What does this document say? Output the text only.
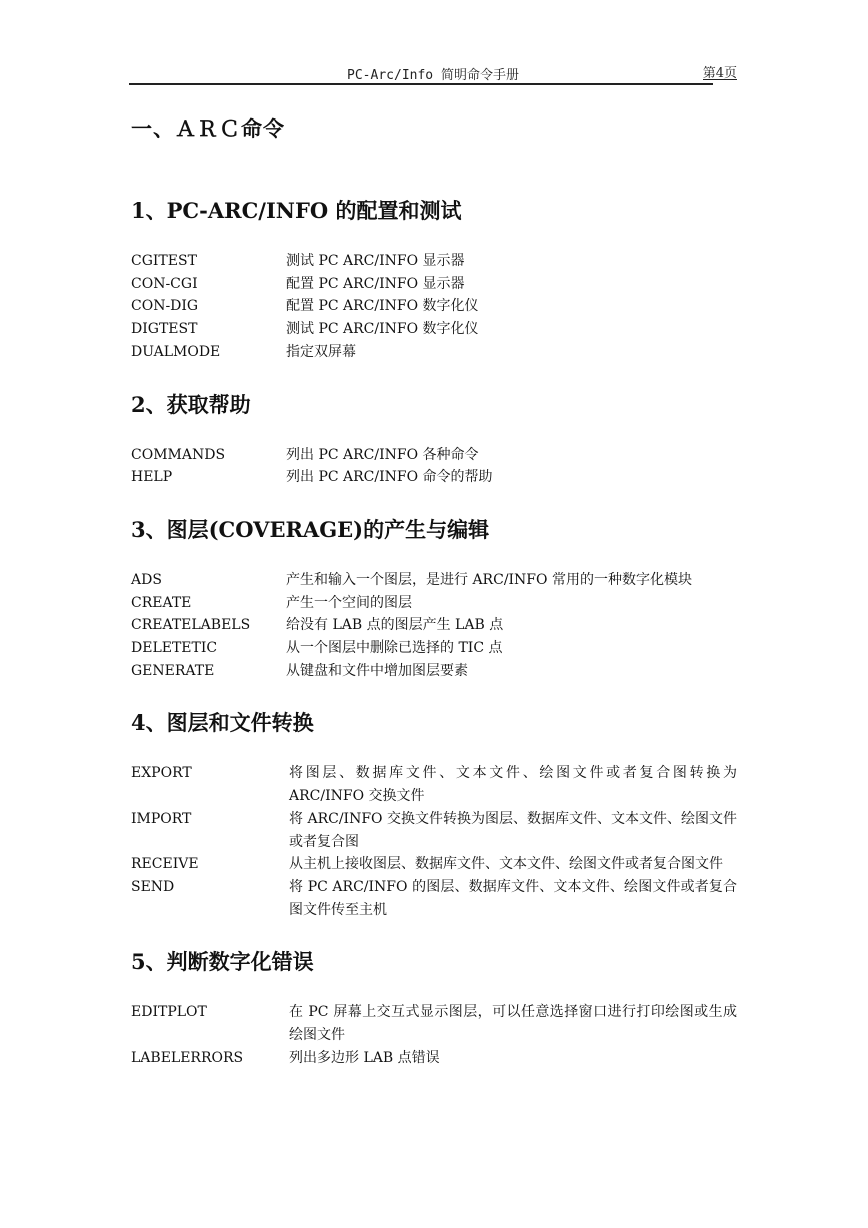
PC-Arc/Info 简明命令手册	第4页
一、ＡＲＣ命令
1、PC-ARC/INFO 的配置和测试
CGITEST	测试 PC ARC/INFO 显示器
CON-CGI	配置 PC ARC/INFO 显示器
CON-DIG	配置 PC ARC/INFO 数字化仪
DIGTEST	测试 PC ARC/INFO 数字化仪
DUALMODE	指定双屏幕
2、获取帮助
COMMANDS	列出 PC ARC/INFO 各种命令
HELP	列出 PC ARC/INFO 命令的帮助
3、图层(COVERAGE)的产生与编辑
ADS	产生和输入一个图层，是进行 ARC/INFO 常用的一种数字化模块
CREATE	产生一个空间的图层
CREATELABELS	给没有 LAB 点的图层产生 LAB 点
DELETETIC	从一个图层中删除已选择的 TIC 点
GENERATE	从键盘和文件中增加图层要素
4、图层和文件转换
EXPORT	将图层、数据库文件、文本文件、绘图文件或者复合图转换为 ARC/INFO 交换文件
IMPORT	将 ARC/INFO 交换文件转换为图层、数据库文件、文本文件、绘图文件或者复合图
RECEIVE	从主机上接收图层、数据库文件、文本文件、绘图文件或者复合图文件
SEND	将 PC ARC/INFO 的图层、数据库文件、文本文件、绘图文件或者复合图文件传至主机
5、判断数字化错误
EDITPLOT	在 PC 屏幕上交互式显示图层，可以任意选择窗口进行打印绘图或生成绘图文件
LABELERRORS	列出多边形 LAB 点错误
